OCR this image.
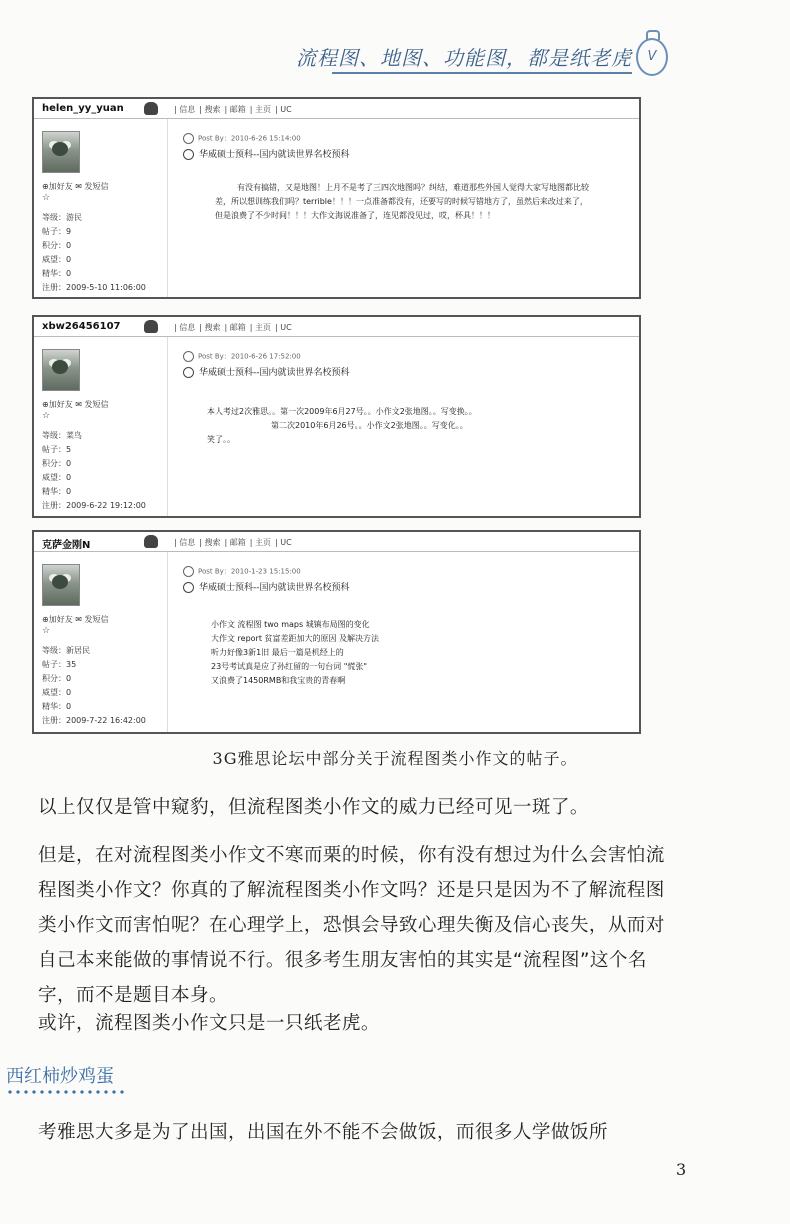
流程图、地图、功能图，都是纸老虎	V
helen_yy_yuan	| 信息 | 搜索 | 邮箱 | 主页 | UC
⊕加好友 ✉ 发短信
☆
等级：游民
帖子：9
积分：0
威望：0
精华：0
注册：2009-5-10 11:06:00
Post By：2010-6-26 15:14:00
华威硕士预科--国内就读世界名校预科
有没有搞错，又是地图！上月不是考了三四次地图吗？纠结，难道那些外国人觉得大家写地图都比较
差，所以想训练我们吗？terrible！！！一点准备都没有，还要写的时候写错地方了，虽然后来改过来了，
但是浪费了不少时间！！！大作文海说准备了，连见都没见过，哎，杯具！！！
xbw26456107	| 信息 | 搜索 | 邮箱 | 主页 | UC
⊕加好友 ✉ 发短信
☆
等级：菜鸟
帖子：5
积分：0
威望：0
精华：0
注册：2009-6-22 19:12:00
Post By：2010-6-26 17:52:00
华威硕士预科--国内就读世界名校预科
本人考过2次雅思。。第一次2009年6月27号。。小作文2张地图。。写变换。。
第二次2010年6月26号。。小作文2张地图。。写变化。。
笑了。。
克萨金刚N	| 信息 | 搜索 | 邮箱 | 主页 | UC
⊕加好友 ✉ 发短信
☆
等级：新居民
帖子：35
积分：0
威望：0
精华：0
注册：2009-7-22 16:42:00
Post By：2010-1-23 15:15:00
华威硕士预科--国内就读世界名校预科
小作文 流程图 two maps 城镇布局图的变化
大作文 report 贫富差距加大的原因 及解决方法
听力好像3新1旧 最后一篇是机经上的
23号考试真是应了孙红留的一句台词 "慌张"
又浪费了1450RMB和我宝贵的青春啊
3G雅思论坛中部分关于流程图类小作文的帖子。
以上仅仅是管中窥豹，但流程图类小作文的威力已经可见一斑了。
但是，在对流程图类小作文不寒而栗的时候，你有没有想过为什么会害怕流程图类小作文？你真的了解流程图类小作文吗？还是只是因为不了解流程图类小作文而害怕呢？在心理学上，恐惧会导致心理失衡及信心丧失，从而对自己本来能做的事情说不行。很多考生朋友害怕的其实是“流程图”这个名字，而不是题目本身。
或许，流程图类小作文只是一只纸老虎。
西红柿炒鸡蛋
考雅思大多是为了出国，出国在外不能不会做饭，而很多人学做饭所
3
